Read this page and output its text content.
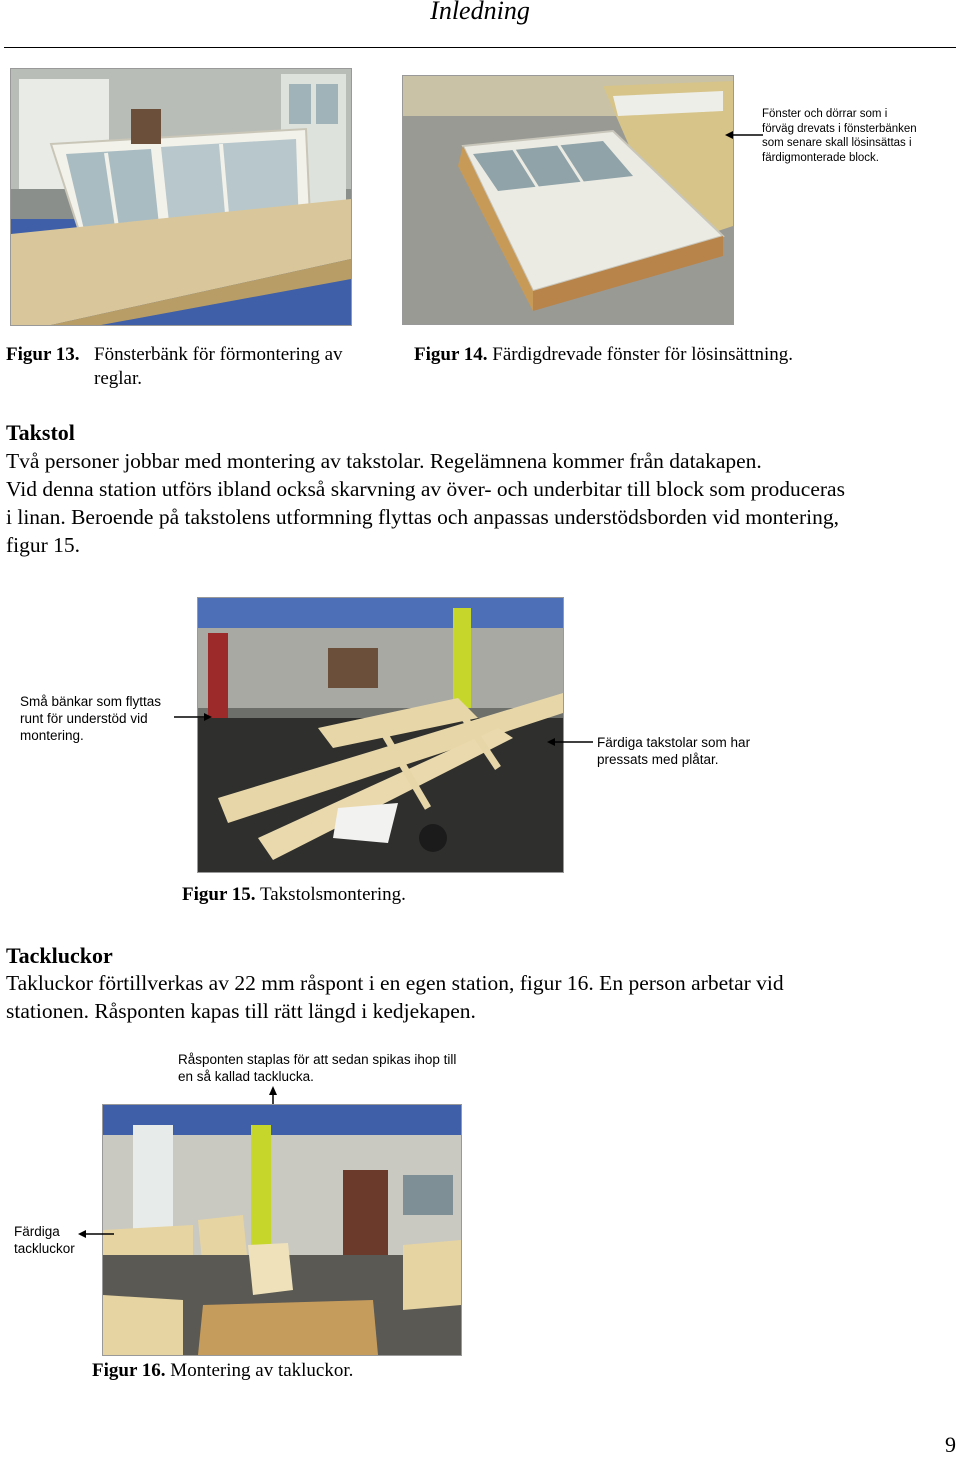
Inledning
Fönster och dörrar som i förväg drevats i fönsterbänken som senare skall lösinsättas i färdigmonterade block.
Figur 13. Fönsterbänk för förmontering av reglar.
Figur 14. Färdigdrevade fönster för lösinsättning.
Takstol
Två personer jobbar med montering av takstolar. Regelämnena kommer från datakapen.
Vid denna station utförs ibland också skarvning av över- och underbitar till block som produceras
i linan. Beroende på takstolens utformning flyttas och anpassas understödsborden vid montering,
figur 15.
Små bänkar som flyttas runt för understöd vid montering.	Färdiga takstolar som har pressats med plåtar.
Figur 15. Takstolsmontering.
Tackluckor
Takluckor förtillverkas av 22 mm råspont i en egen station, figur 16. En person arbetar vid
stationen. Råsponten kapas till rätt längd i kedjekapen.
Råsponten staplas för att sedan spikas ihop till en så kallad tacklucka.
Färdiga tackluckor
Figur 16. Montering av takluckor.
9
